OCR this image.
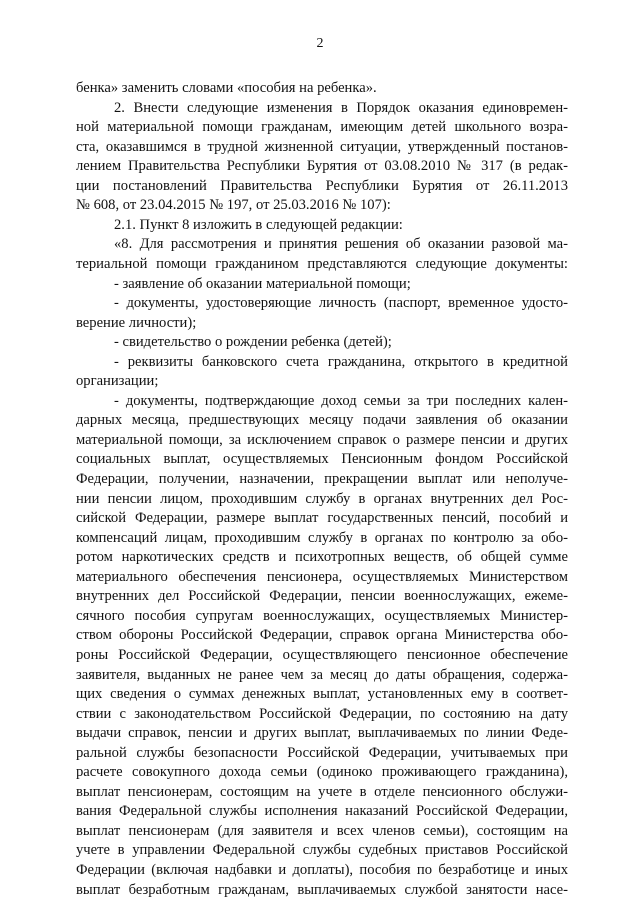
2
бенка» заменить словами «пособия на ребенка».
2. Внести следующие изменения в Порядок оказания единовремен-
ной материальной помощи гражданам, имеющим детей школьного возра-
ста, оказавшимся в трудной жизненной ситуации, утвержденный постанов-
лением Правительства Республики Бурятия от 03.08.2010 № 317 (в редак-
ции постановлений Правительства Республики Бурятия от 26.11.2013
№ 608, от 23.04.2015 № 197, от 25.03.2016 № 107):
2.1. Пункт 8 изложить в следующей редакции:
«8. Для рассмотрения и принятия решения об оказании разовой ма-
териальной помощи гражданином представляются следующие документы:
- заявление об оказании материальной помощи;
- документы, удостоверяющие личность (паспорт, временное удосто-
верение личности);
- свидетельство о рождении ребенка (детей);
- реквизиты банковского счета гражданина, открытого в кредитной
организации;
- документы, подтверждающие доход семьи за три последних кален-
дарных месяца, предшествующих месяцу подачи заявления об оказании
материальной помощи, за исключением справок о размере пенсии и других
социальных выплат, осуществляемых Пенсионным фондом Российской
Федерации, получении, назначении, прекращении выплат или неполуче-
нии пенсии лицом, проходившим службу в органах внутренних дел Рос-
сийской Федерации, размере выплат государственных пенсий, пособий и
компенсаций лицам, проходившим службу в органах по контролю за обо-
ротом наркотических средств и психотропных веществ, об общей сумме
материального обеспечения пенсионера, осуществляемых Министерством
внутренних дел Российской Федерации, пенсии военнослужащих, ежеме-
сячного пособия супругам военнослужащих, осуществляемых Министер-
ством обороны Российской Федерации, справок органа Министерства обо-
роны Российской Федерации, осуществляющего пенсионное обеспечение
заявителя, выданных не ранее чем за месяц до даты обращения, содержа-
щих сведения о суммах денежных выплат, установленных ему в соответ-
ствии с законодательством Российской Федерации, по состоянию на дату
выдачи справок, пенсии и других выплат, выплачиваемых по линии Феде-
ральной службы безопасности Российской Федерации, учитываемых при
расчете совокупного дохода семьи (одиноко проживающего гражданина),
выплат пенсионерам, состоящим на учете в отделе пенсионного обслужи-
вания Федеральной службы исполнения наказаний Российской Федерации,
выплат пенсионерам (для заявителя и всех членов семьи), состоящим на
учете в управлении Федеральной службы судебных приставов Российской
Федерации (включая надбавки и доплаты), пособия по безработице и иных
выплат безработным гражданам, выплачиваемых службой занятости насе-
